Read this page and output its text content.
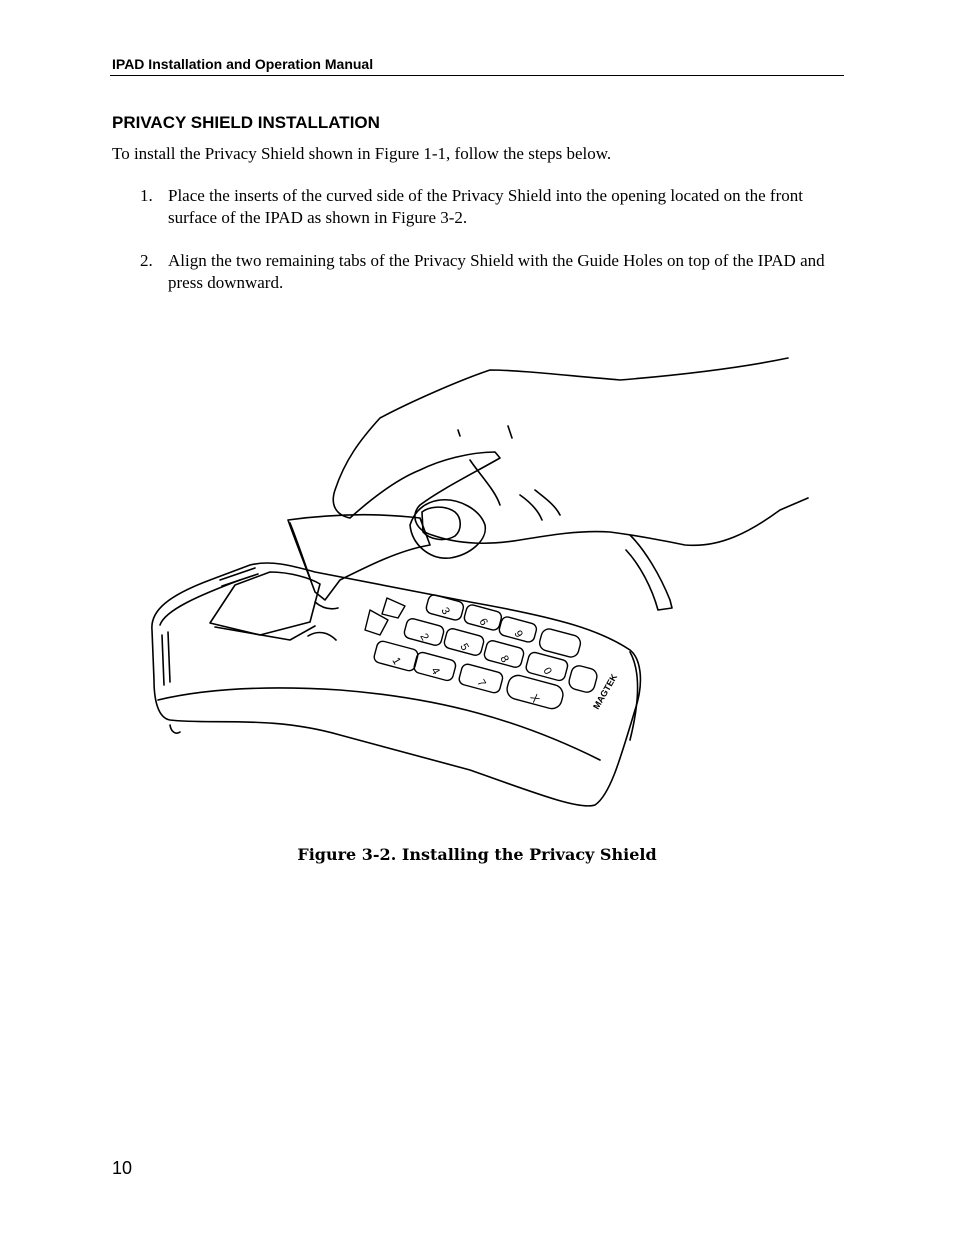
IPAD Installation and Operation Manual
PRIVACY SHIELD INSTALLATION
To install the Privacy Shield shown in Figure 1-1, follow the steps below.
1. Place the inserts of the curved side of the Privacy Shield into the opening located on the front surface of the IPAD as shown in Figure 3-2.
2. Align the two remaining tabs of the Privacy Shield with the Guide Holes on top of the IPAD and press downward.
1
2
3
4
5
6
7
8
9
0
X	MAGTEK
Figure 3-2. Installing the Privacy Shield
10
